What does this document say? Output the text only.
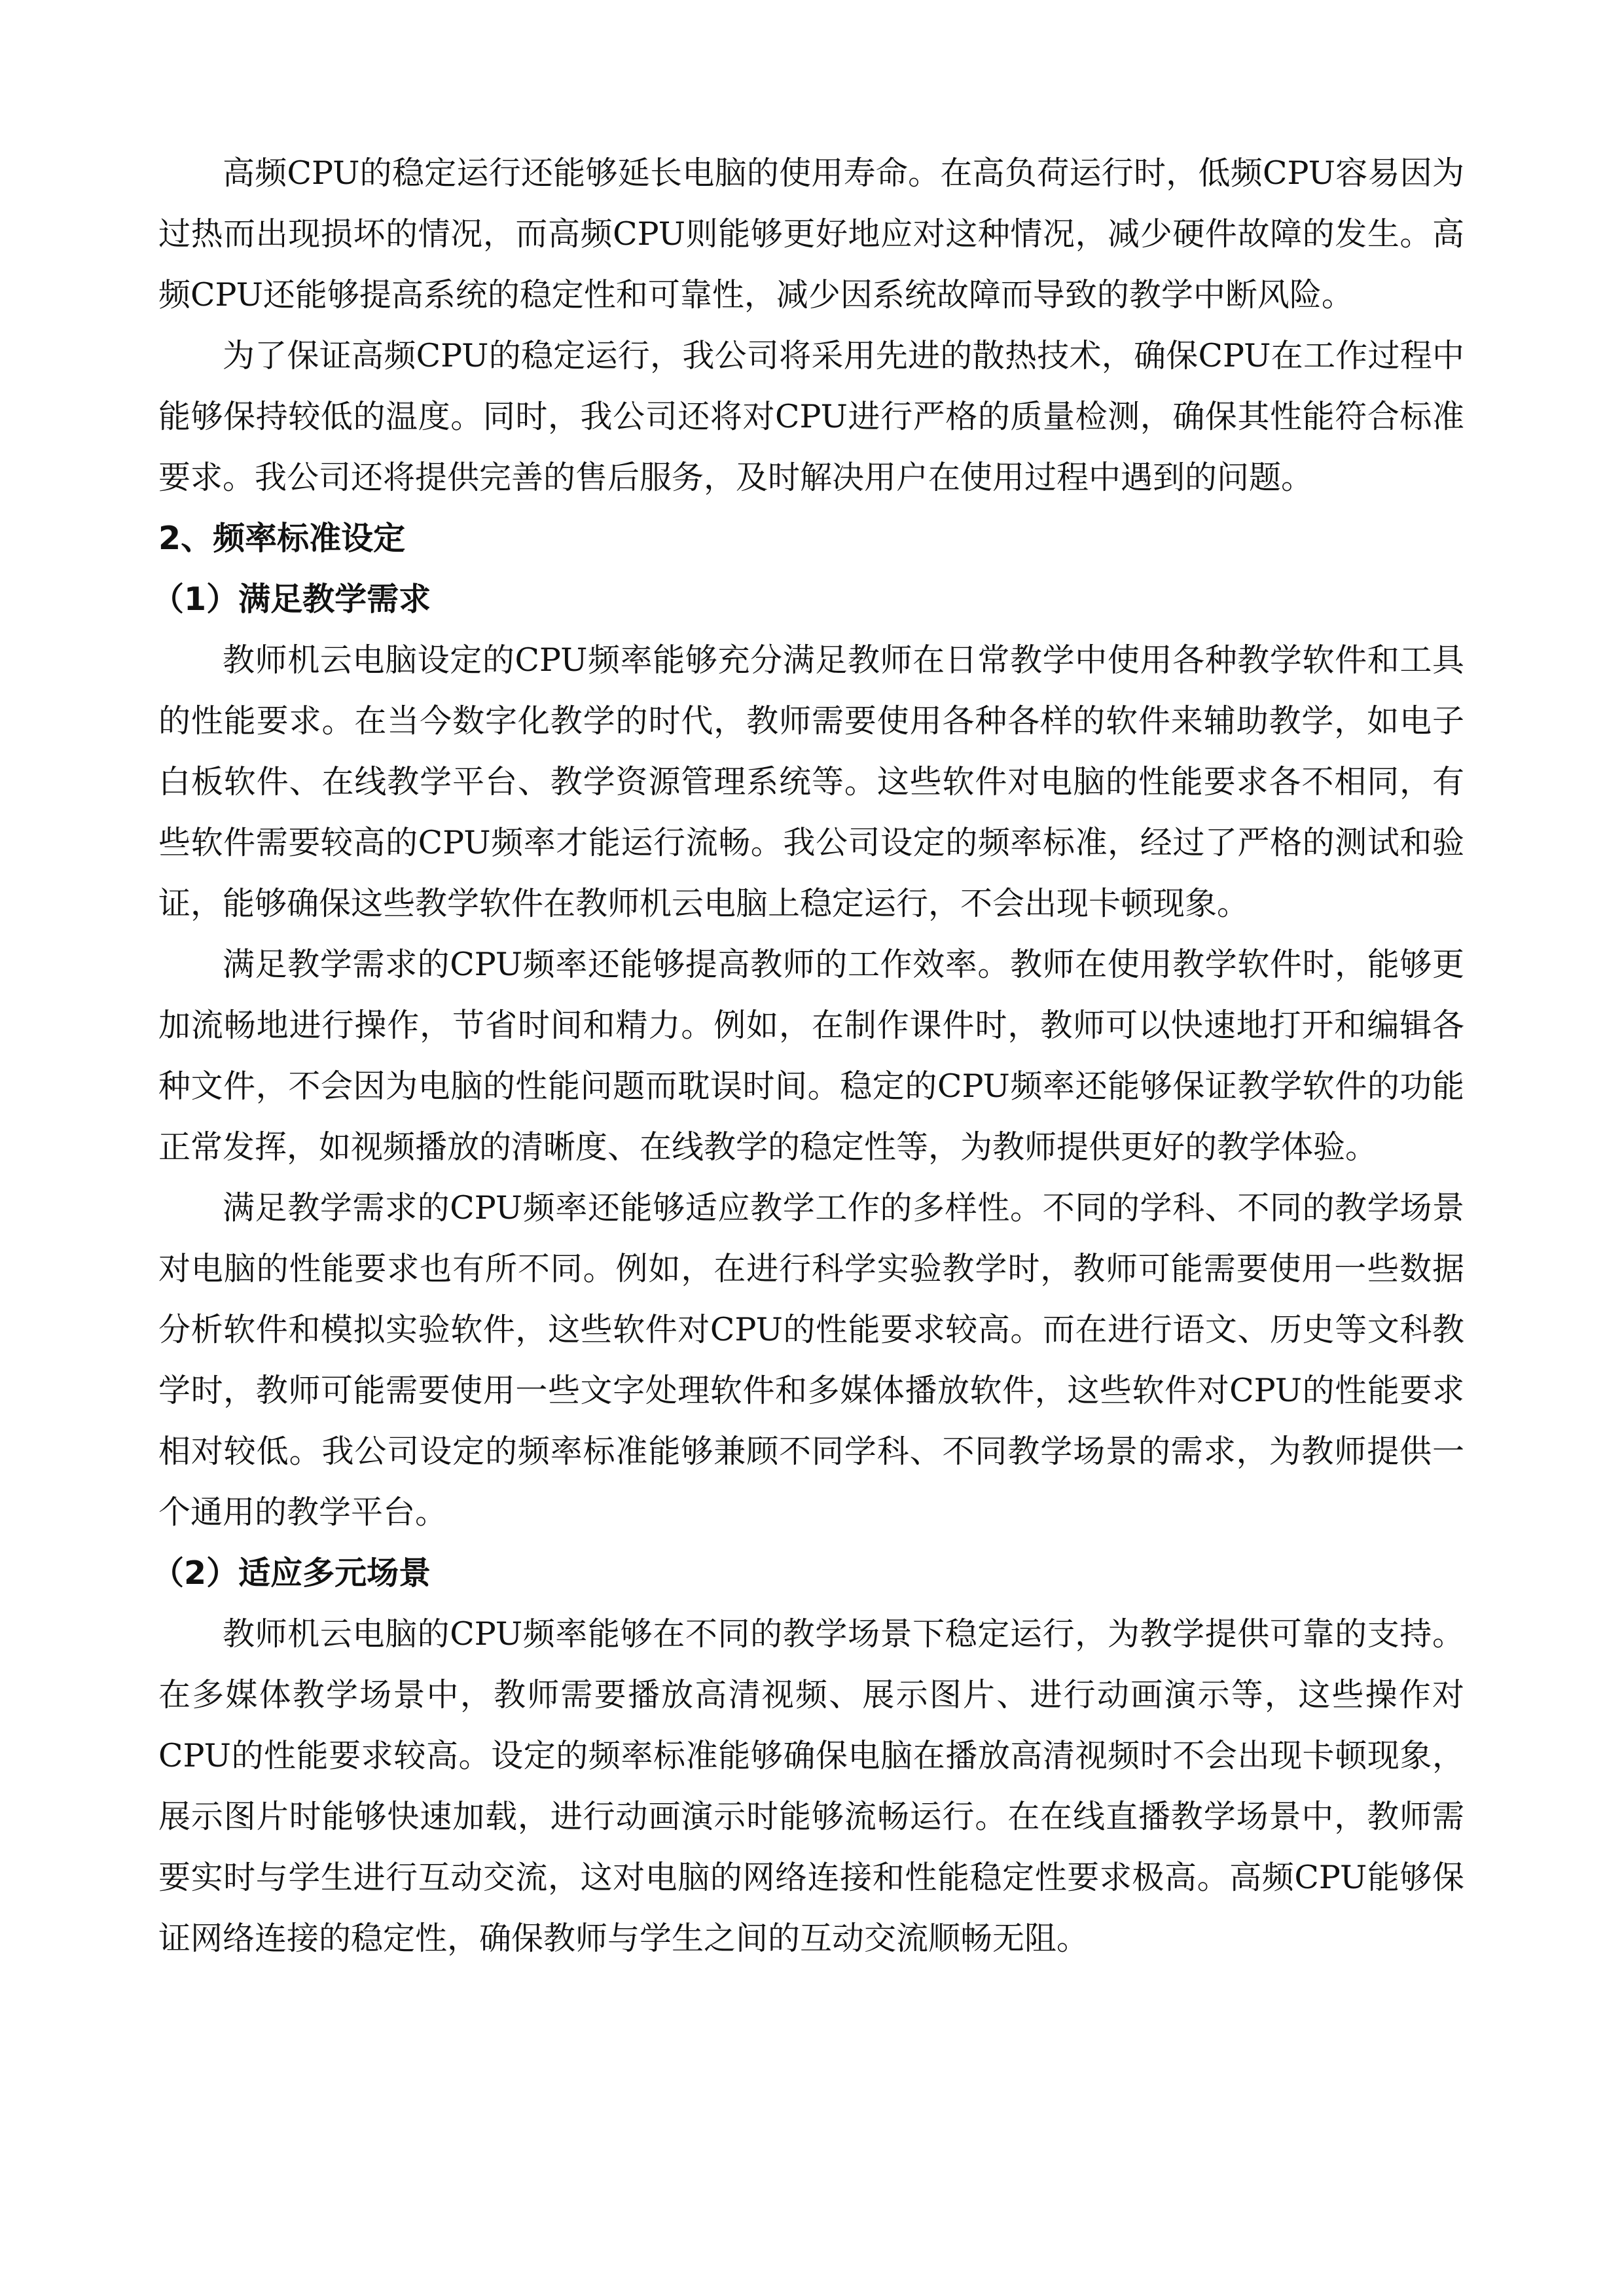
高频CPU的稳定运行还能够延长电脑的使用寿命。在高负荷运行时，低频CPU容易因为过热而出现损坏的情况，而高频CPU则能够更好地应对这种情况，减少硬件故障的发生。高频CPU还能够提高系统的稳定性和可靠性，减少因系统故障而导致的教学中断风险。

为了保证高频CPU的稳定运行，我公司将采用先进的散热技术，确保CPU在工作过程中能够保持较低的温度。同时，我公司还将对CPU进行严格的质量检测，确保其性能符合标准要求。我公司还将提供完善的售后服务，及时解决用户在使用过程中遇到的问题。

2、频率标准设定
（1）满足教学需求

教师机云电脑设定的CPU频率能够充分满足教师在日常教学中使用各种教学软件和工具的性能要求。在当今数字化教学的时代，教师需要使用各种各样的软件来辅助教学，如电子白板软件、在线教学平台、教学资源管理系统等。这些软件对电脑的性能要求各不相同，有些软件需要较高的CPU频率才能运行流畅。我公司设定的频率标准，经过了严格的测试和验证，能够确保这些教学软件在教师机云电脑上稳定运行，不会出现卡顿现象。

满足教学需求的CPU频率还能够提高教师的工作效率。教师在使用教学软件时，能够更加流畅地进行操作，节省时间和精力。例如，在制作课件时，教师可以快速地打开和编辑各种文件，不会因为电脑的性能问题而耽误时间。稳定的CPU频率还能够保证教学软件的功能正常发挥，如视频播放的清晰度、在线教学的稳定性等，为教师提供更好的教学体验。

满足教学需求的CPU频率还能够适应教学工作的多样性。不同的学科、不同的教学场景对电脑的性能要求也有所不同。例如，在进行科学实验教学时，教师可能需要使用一些数据分析软件和模拟实验软件，这些软件对CPU的性能要求较高。而在进行语文、历史等文科教学时，教师可能需要使用一些文字处理软件和多媒体播放软件，这些软件对CPU的性能要求相对较低。我公司设定的频率标准能够兼顾不同学科、不同教学场景的需求，为教师提供一个通用的教学平台。

（2）适应多元场景

教师机云电脑的CPU频率能够在不同的教学场景下稳定运行，为教学提供可靠的支持。在多媒体教学场景中，教师需要播放高清视频、展示图片、进行动画演示等，这些操作对CPU的性能要求较高。设定的频率标准能够确保电脑在播放高清视频时不会出现卡顿现象，展示图片时能够快速加载，进行动画演示时能够流畅运行。在在线直播教学场景中，教师需要实时与学生进行互动交流，这对电脑的网络连接和性能稳定性要求极高。高频CPU能够保证网络连接的稳定性，确保教师与学生之间的互动交流顺畅无阻。
